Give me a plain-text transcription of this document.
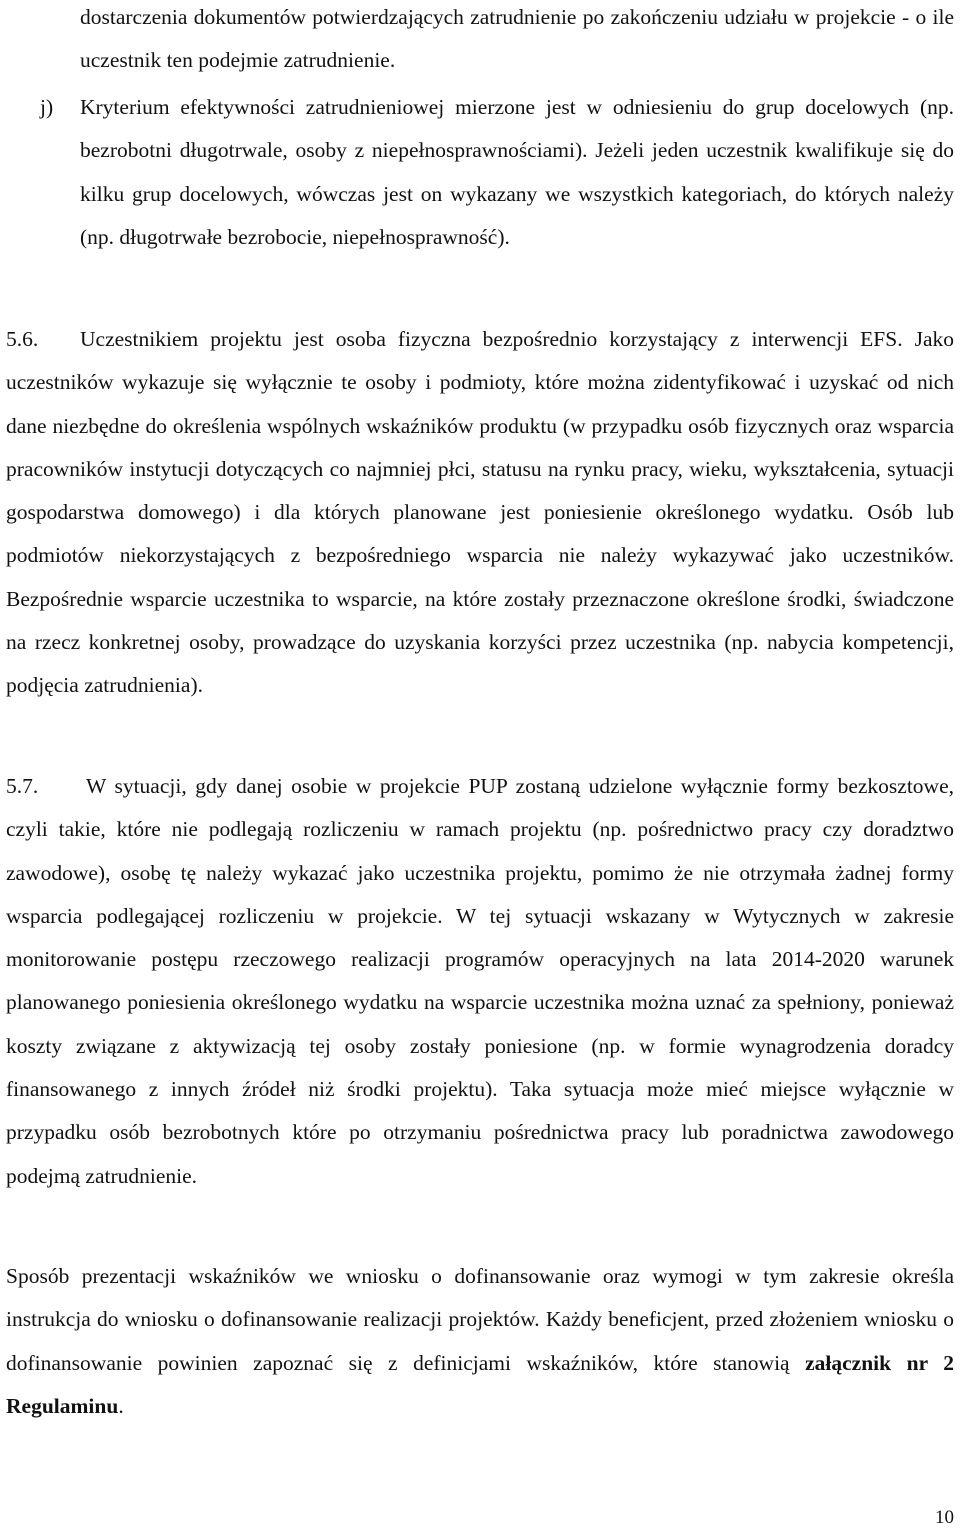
dostarczenia dokumentów potwierdzających zatrudnienie po zakończeniu udziału w projekcie - o ile uczestnik ten podejmie zatrudnienie.

j)	Kryterium efektywności zatrudnieniowej mierzone jest w odniesieniu do grup docelowych (np. bezrobotni długotrwale, osoby z niepełnosprawnościami). Jeżeli jeden uczestnik kwalifikuje się do kilku grup docelowych, wówczas jest on wykazany we wszystkich kategoriach, do których należy (np. długotrwałe bezrobocie, niepełnosprawność).

5.6. Uczestnikiem projektu jest osoba fizyczna bezpośrednio korzystający z interwencji EFS. Jako uczestników wykazuje się wyłącznie te osoby i podmioty, które można zidentyfikować i uzyskać od nich dane niezbędne do określenia wspólnych wskaźników produktu (w przypadku osób fizycznych oraz wsparcia pracowników instytucji dotyczących co najmniej płci, statusu na rynku pracy, wieku, wykształcenia, sytuacji gospodarstwa domowego) i dla których planowane jest poniesienie określonego wydatku. Osób lub podmiotów niekorzystających z bezpośredniego wsparcia nie należy wykazywać jako uczestników. Bezpośrednie wsparcie uczestnika to wsparcie, na które zostały przeznaczone określone środki, świadczone na rzecz konkretnej osoby, prowadzące do uzyskania korzyści przez uczestnika (np. nabycia kompetencji, podjęcia zatrudnienia).

5.7. W sytuacji, gdy danej osobie w projekcie PUP zostaną udzielone wyłącznie formy bezkosztowe, czyli takie, które nie podlegają rozliczeniu w ramach projektu (np. pośrednictwo pracy czy doradztwo zawodowe), osobę tę należy wykazać jako uczestnika projektu, pomimo że nie otrzymała żadnej formy wsparcia podlegającej rozliczeniu w projekcie. W tej sytuacji wskazany w Wytycznych w zakresie monitorowanie postępu rzeczowego realizacji programów operacyjnych na lata 2014-2020 warunek planowanego poniesienia określonego wydatku na wsparcie uczestnika można uznać za spełniony, ponieważ koszty związane z aktywizacją tej osoby zostały poniesione (np. w formie wynagrodzenia doradcy finansowanego z innych źródeł niż środki projektu). Taka sytuacja może mieć miejsce wyłącznie w przypadku osób bezrobotnych które po otrzymaniu pośrednictwa pracy lub poradnictwa zawodowego podejmą zatrudnienie.

Sposób prezentacji wskaźników we wniosku o dofinansowanie oraz wymogi w tym zakresie określa instrukcja do wniosku o dofinansowanie realizacji projektów. Każdy beneficjent, przed złożeniem wniosku o dofinansowanie powinien zapoznać się z definicjami wskaźników, które stanowią załącznik nr 2 Regulaminu.

10
